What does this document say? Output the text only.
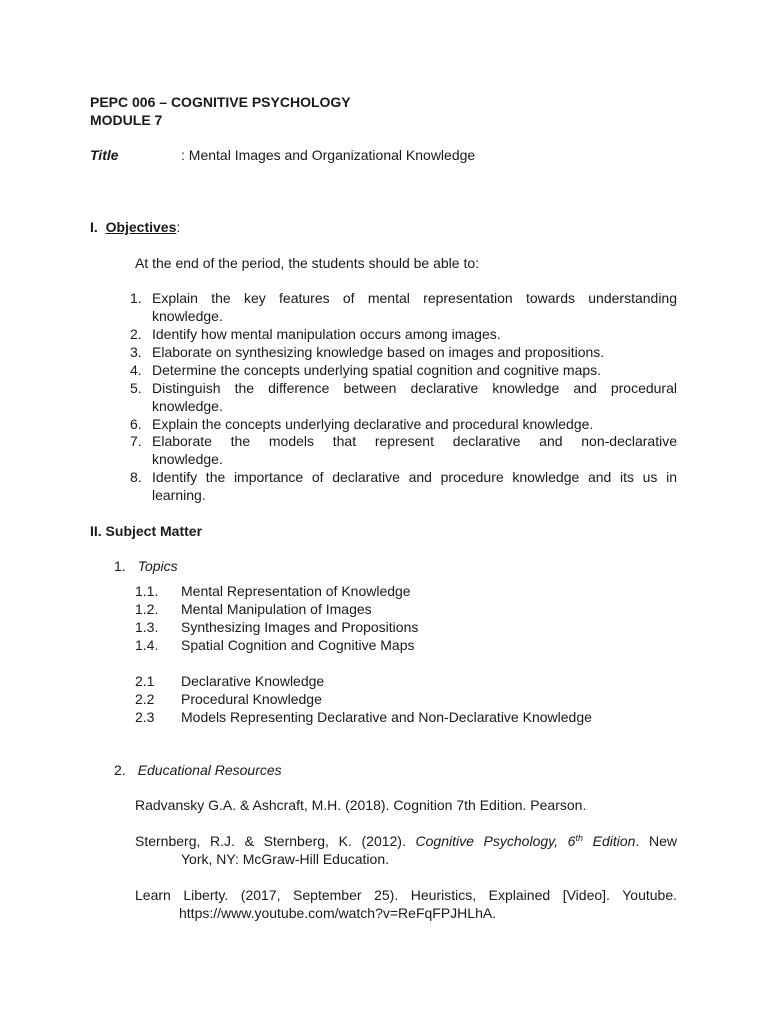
PEPC 006 – COGNITIVE PSYCHOLOGY
MODULE 7
Title	: Mental Images and Organizational Knowledge
I. Objectives:
At the end of the period, the students should be able to:
1. Explain the key features of mental representation towards understanding
knowledge.
2. Identify how mental manipulation occurs among images.
3. Elaborate on synthesizing knowledge based on images and propositions.
4. Determine the concepts underlying spatial cognition and cognitive maps.
5. Distinguish the difference between declarative knowledge and procedural
knowledge.
6. Explain the concepts underlying declarative and procedural knowledge.
7. Elaborate the models that represent declarative and non-declarative
knowledge.
8. Identify the importance of declarative and procedure knowledge and its us in
learning.
II. Subject Matter
1. Topics
1.1. Mental Representation of Knowledge
1.2. Mental Manipulation of Images
1.3. Synthesizing Images and Propositions
1.4. Spatial Cognition and Cognitive Maps
2.1 Declarative Knowledge
2.2 Procedural Knowledge
2.3 Models Representing Declarative and Non-Declarative Knowledge
2. Educational Resources
Radvansky G.A. & Ashcraft, M.H. (2018). Cognition 7th Edition. Pearson.
Sternberg, R.J. & Sternberg, K. (2012). Cognitive Psychology, 6th Edition. New
York, NY: McGraw-Hill Education.
Learn Liberty. (2017, September 25). Heuristics, Explained [Video]. Youtube.
https://www.youtube.com/watch?v=ReFqFPJHLhA.
